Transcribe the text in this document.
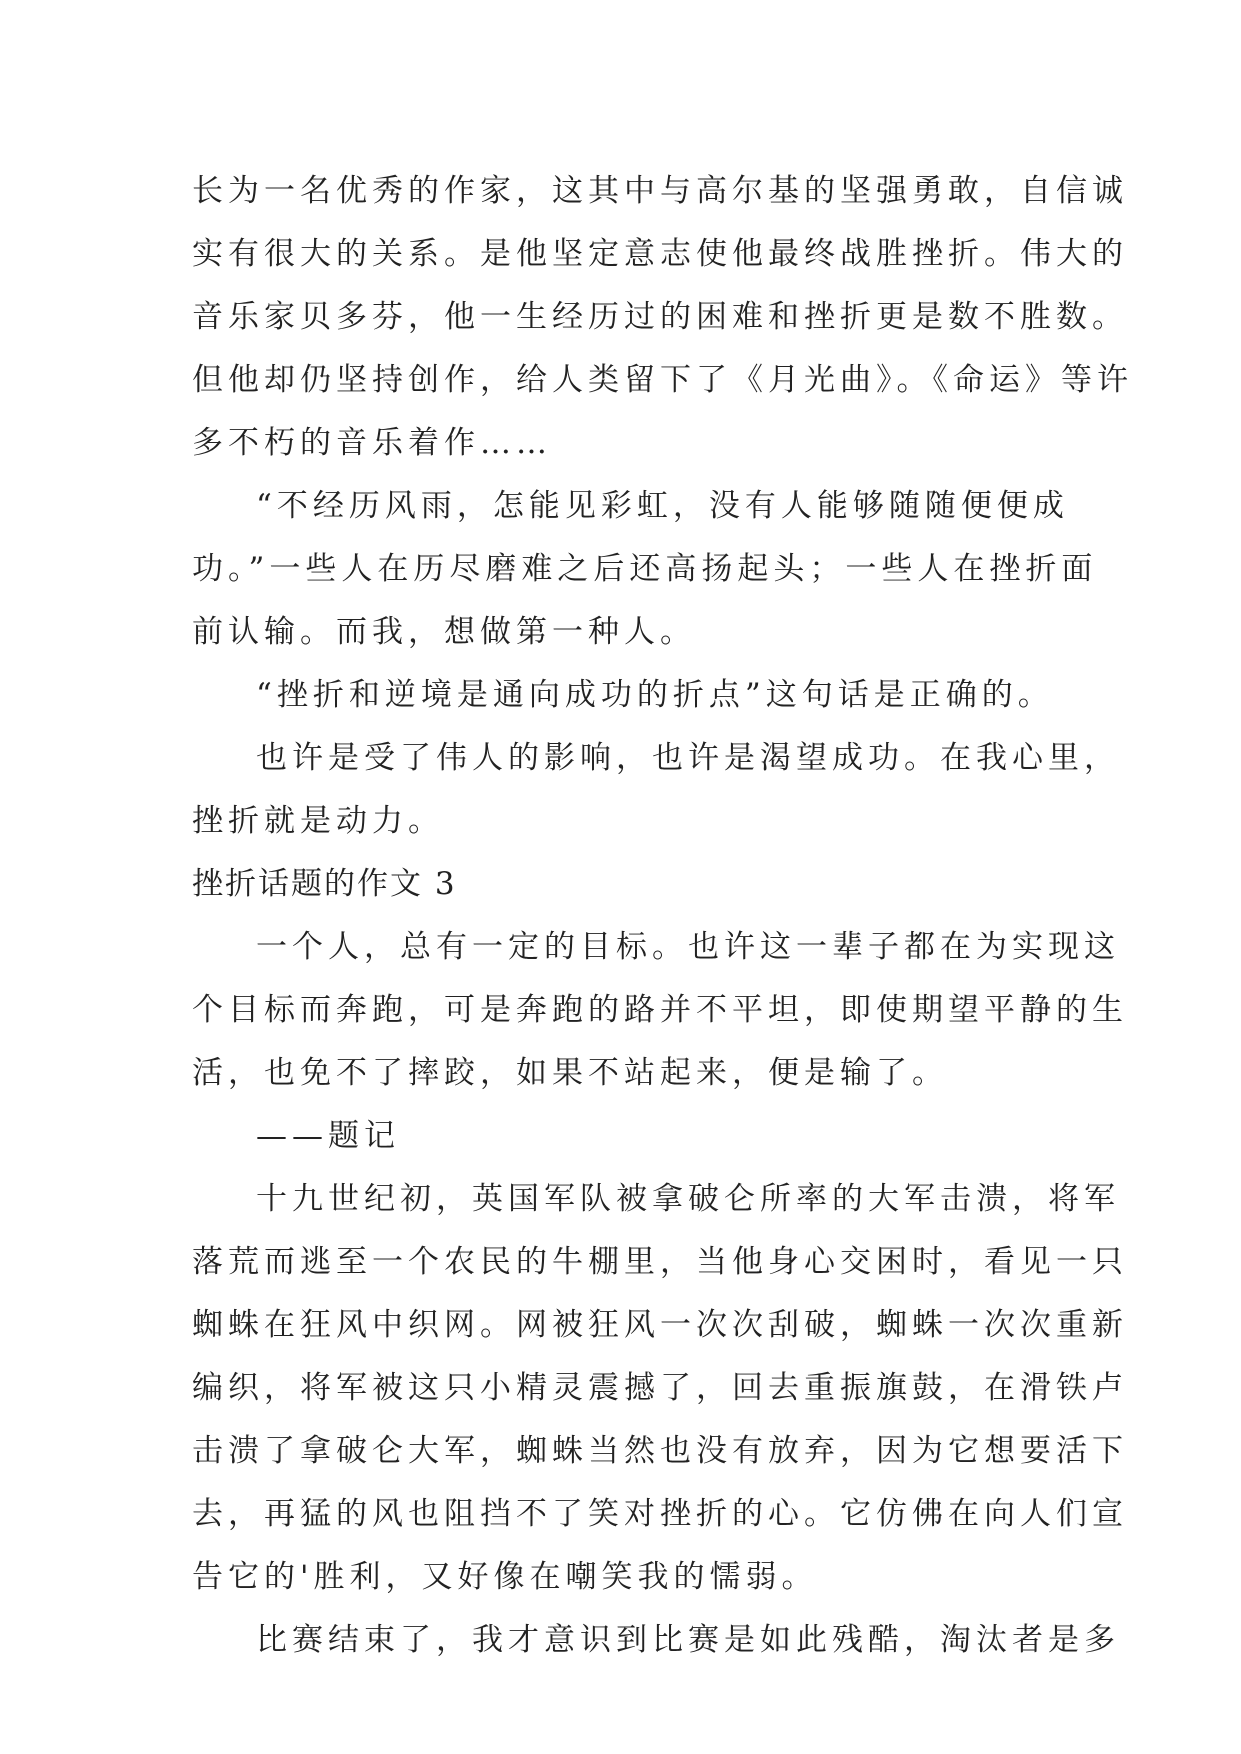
长为一名优秀的作家，这其中与高尔基的坚强勇敢，自信诚
实有很大的关系。是他坚定意志使他最终战胜挫折。伟大的
音乐家贝多芬，他一生经历过的困难和挫折更是数不胜数。
但他却仍坚持创作，给人类留下了《月光曲》。《命运》等许
多不朽的音乐着作……
“不经历风雨，怎能见彩虹，没有人能够随随便便成
功。”一些人在历尽磨难之后还高扬起头；一些人在挫折面
前认输。而我，想做第一种人。
“挫折和逆境是通向成功的折点”这句话是正确的。
也许是受了伟人的影响，也许是渴望成功。在我心里，
挫折就是动力。
挫折话题的作文 3
一个人，总有一定的目标。也许这一辈子都在为实现这
个目标而奔跑，可是奔跑的路并不平坦，即使期望平静的生
活，也免不了摔跤，如果不站起来，便是输了。
——题记
十九世纪初，英国军队被拿破仑所率的大军击溃，将军
落荒而逃至一个农民的牛棚里，当他身心交困时，看见一只
蜘蛛在狂风中织网。网被狂风一次次刮破，蜘蛛一次次重新
编织，将军被这只小精灵震撼了，回去重振旗鼓，在滑铁卢
击溃了拿破仑大军，蜘蛛当然也没有放弃，因为它想要活下
去，再猛的风也阻挡不了笑对挫折的心。它仿佛在向人们宣
告它的'胜利，又好像在嘲笑我的懦弱。
比赛结束了，我才意识到比赛是如此残酷，淘汰者是多
